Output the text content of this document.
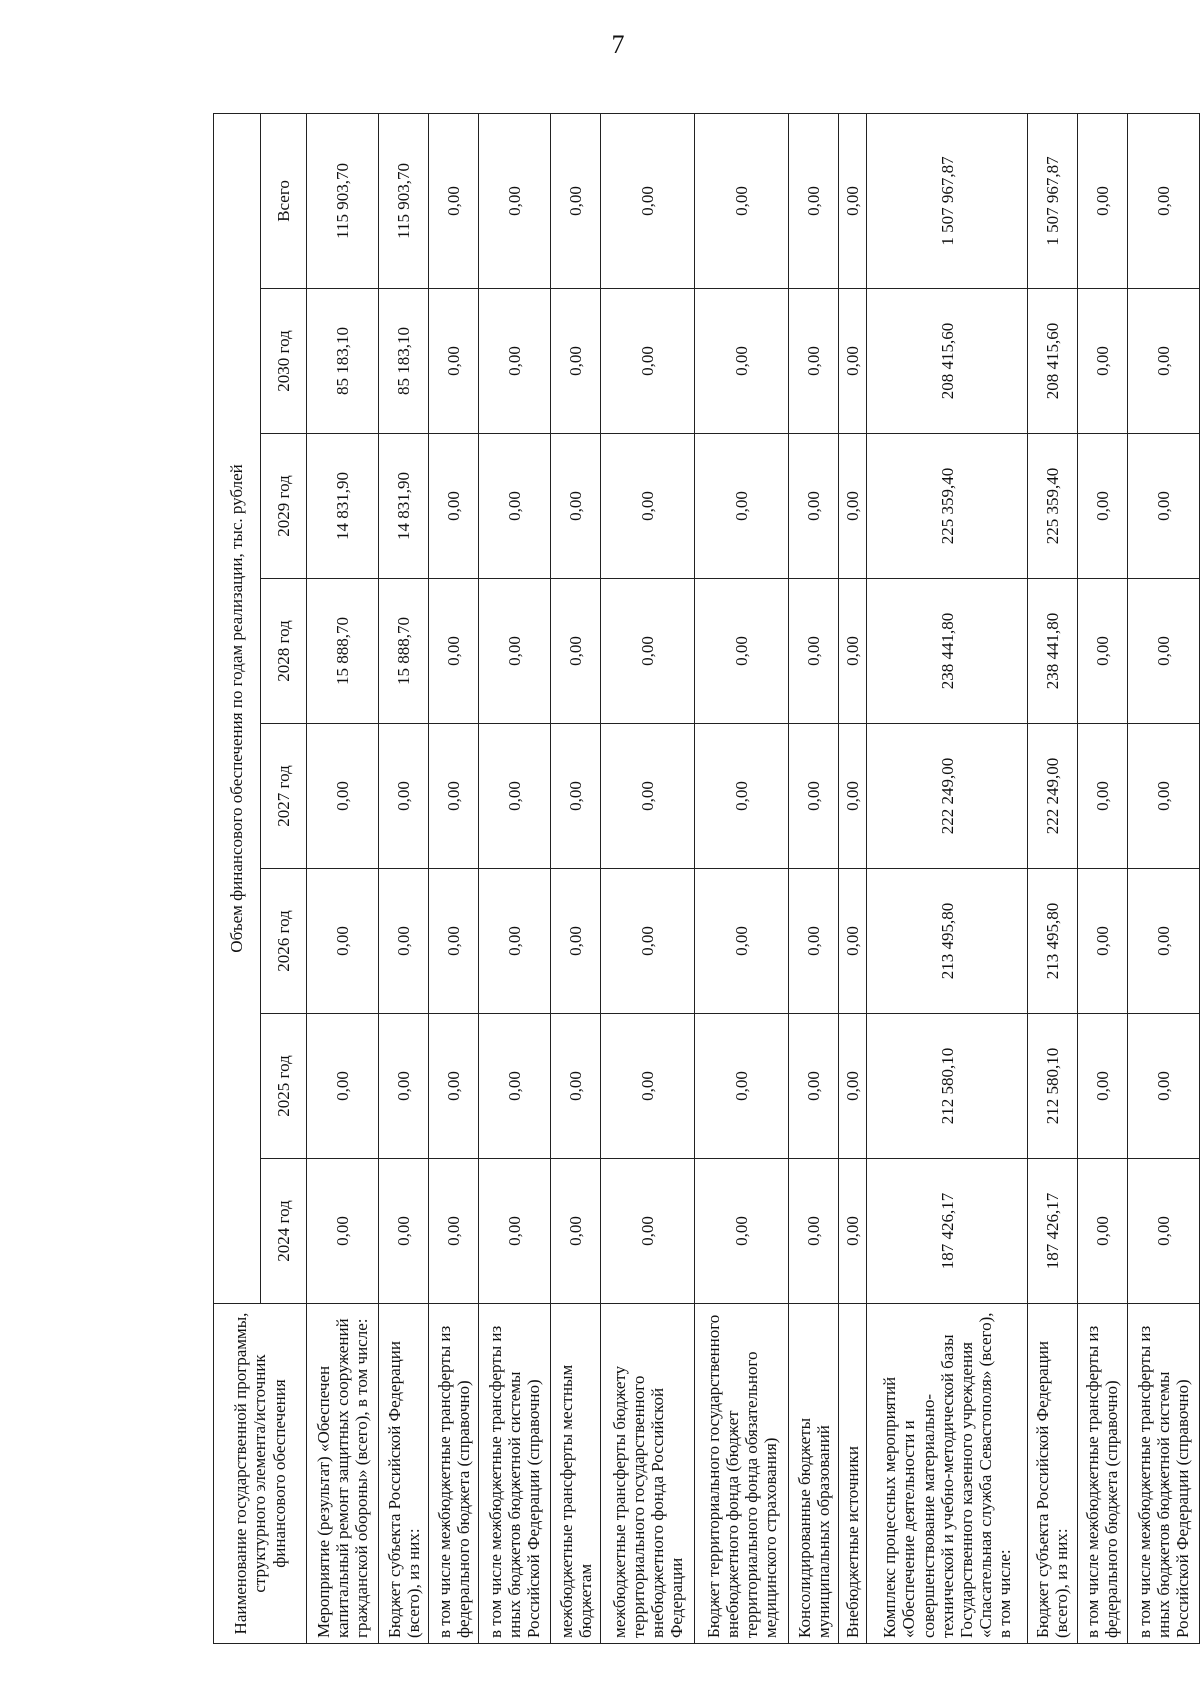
7
Наименование государственной программы, структурного элемента/источник финансового обеспечения	Объем финансового обеспечения по годам реализации, тыс. рублей							
	2024 год	2025 год	2026 год	2027 год	2028 год	2029 год	2030 год	Всего
Мероприятие (результат) «Обеспечен капитальный ремонт защитных сооружений гражданской обороны» (всего), в том числе:	0,00	0,00	0,00	0,00	15 888,70	14 831,90	85 183,10	115 903,70
Бюджет субъекта Российской Федерации (всего), из них:	0,00	0,00	0,00	0,00	15 888,70	14 831,90	85 183,10	115 903,70
в том числе межбюджетные трансферты из федерального бюджета (справочно)	0,00	0,00	0,00	0,00	0,00	0,00	0,00	0,00
в том числе межбюджетные трансферты из иных бюджетов бюджетной системы Российской Федерации (справочно)	0,00	0,00	0,00	0,00	0,00	0,00	0,00	0,00
межбюджетные трансферты местным бюджетам	0,00	0,00	0,00	0,00	0,00	0,00	0,00	0,00
межбюджетные трансферты бюджету территориального государственного внебюджетного фонда Российской Федерации	0,00	0,00	0,00	0,00	0,00	0,00	0,00	0,00
Бюджет территориального государственного внебюджетного фонда (бюджет территориального фонда обязательного медицинского страхования)	0,00	0,00	0,00	0,00	0,00	0,00	0,00	0,00
Консолидированные бюджеты муниципальных образований	0,00	0,00	0,00	0,00	0,00	0,00	0,00	0,00
Внебюджетные источники	0,00	0,00	0,00	0,00	0,00	0,00	0,00	0,00
Комплекс процессных мероприятий «Обеспечение деятельности и совершенствование материально-технической и учебно-методической базы Государственного казенного учреждения «Спасательная служба Севастополя» (всего), в том числе:	187 426,17	212 580,10	213 495,80	222 249,00	238 441,80	225 359,40	208 415,60	1 507 967,87
Бюджет субъекта Российской Федерации (всего), из них:	187 426,17	212 580,10	213 495,80	222 249,00	238 441,80	225 359,40	208 415,60	1 507 967,87
в том числе межбюджетные трансферты из федерального бюджета (справочно)	0,00	0,00	0,00	0,00	0,00	0,00	0,00	0,00
в том числе межбюджетные трансферты из иных бюджетов бюджетной системы Российской Федерации (справочно)	0,00	0,00	0,00	0,00	0,00	0,00	0,00	0,00
